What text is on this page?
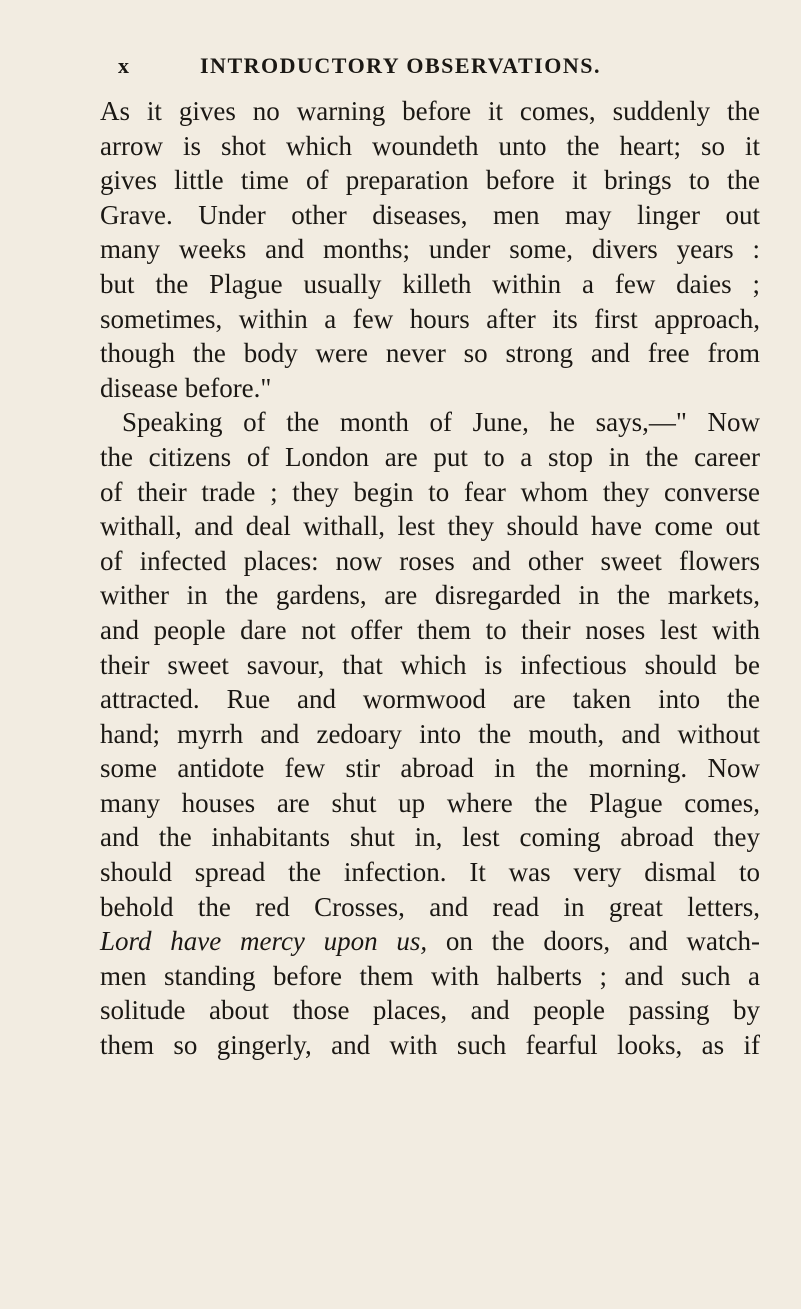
x	INTRODUCTORY OBSERVATIONS.
As it gives no warning before it comes, suddenly the
arrow is shot which woundeth unto the heart; so it
gives little time of preparation before it brings to the
Grave. Under other diseases, men may linger out
many weeks and months; under some, divers years :
but the Plague usually killeth within a few daies ;
sometimes, within a few hours after its first approach,
though the body were never so strong and free from
disease before."
Speaking of the month of June, he says,—" Now
the citizens of London are put to a stop in the career
of their trade ; they begin to fear whom they converse
withall, and deal withall, lest they should have come out
of infected places: now roses and other sweet flowers
wither in the gardens, are disregarded in the markets,
and people dare not offer them to their noses lest with
their sweet savour, that which is infectious should be
attracted. Rue and wormwood are taken into the
hand; myrrh and zedoary into the mouth, and without
some antidote few stir abroad in the morning. Now
many houses are shut up where the Plague comes,
and the inhabitants shut in, lest coming abroad they
should spread the infection. It was very dismal to
behold the red Crosses, and read in great letters,
Lord have mercy upon us, on the doors, and watch-
men standing before them with halberts ; and such a
solitude about those places, and people passing by
them so gingerly, and with such fearful looks, as if
